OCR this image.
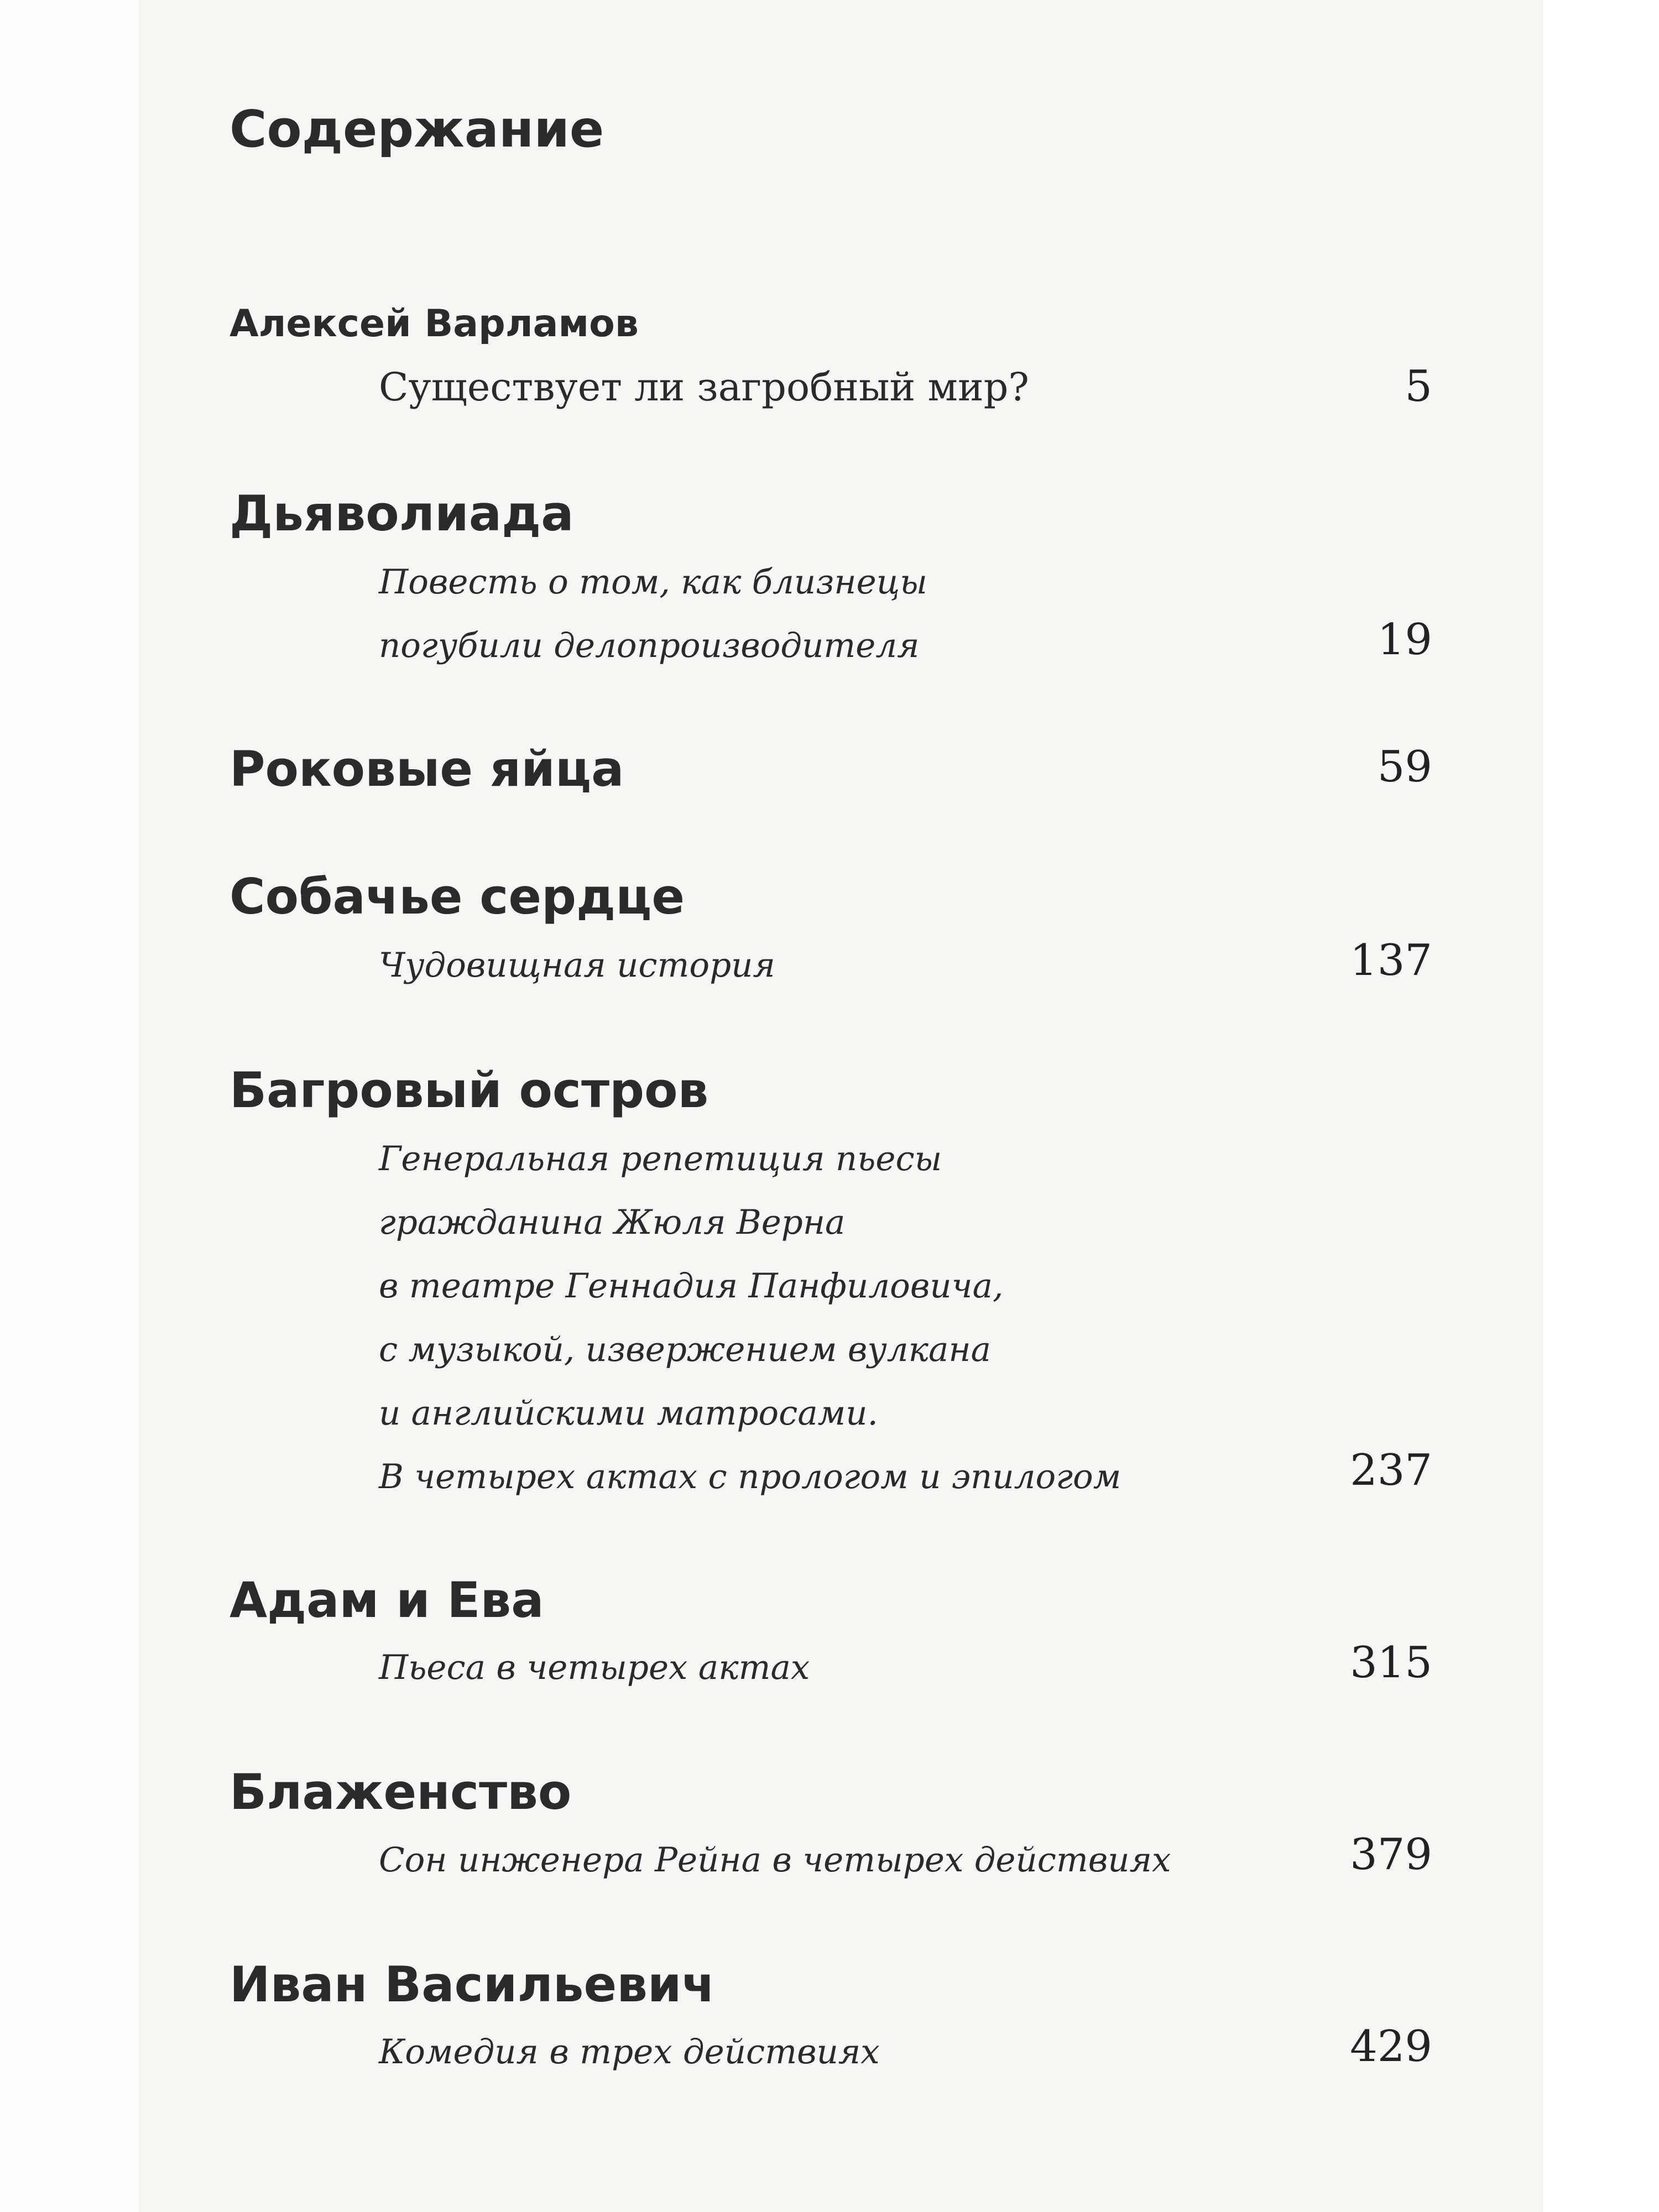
Содержание
Алексей Варламов
Существует ли загробный мир?	5
Дьяволиада
Повесть о том, как близнецы
погубили делопроизводителя	19
Роковые яйца	59
Собачье сердце
Чудовищная история	137
Багровый остров
Генеральная репетиция пьесы
гражданина Жюля Верна
в театре Геннадия Панфиловича,
с музыкой, извержением вулкана
и английскими матросами.
В четырех актах с прологом и эпилогом	237
Адам и Ева
Пьеса в четырех актах	315
Блаженство
Сон инженера Рейна в четырех действиях	379
Иван Васильевич
Комедия в трех действиях	429
